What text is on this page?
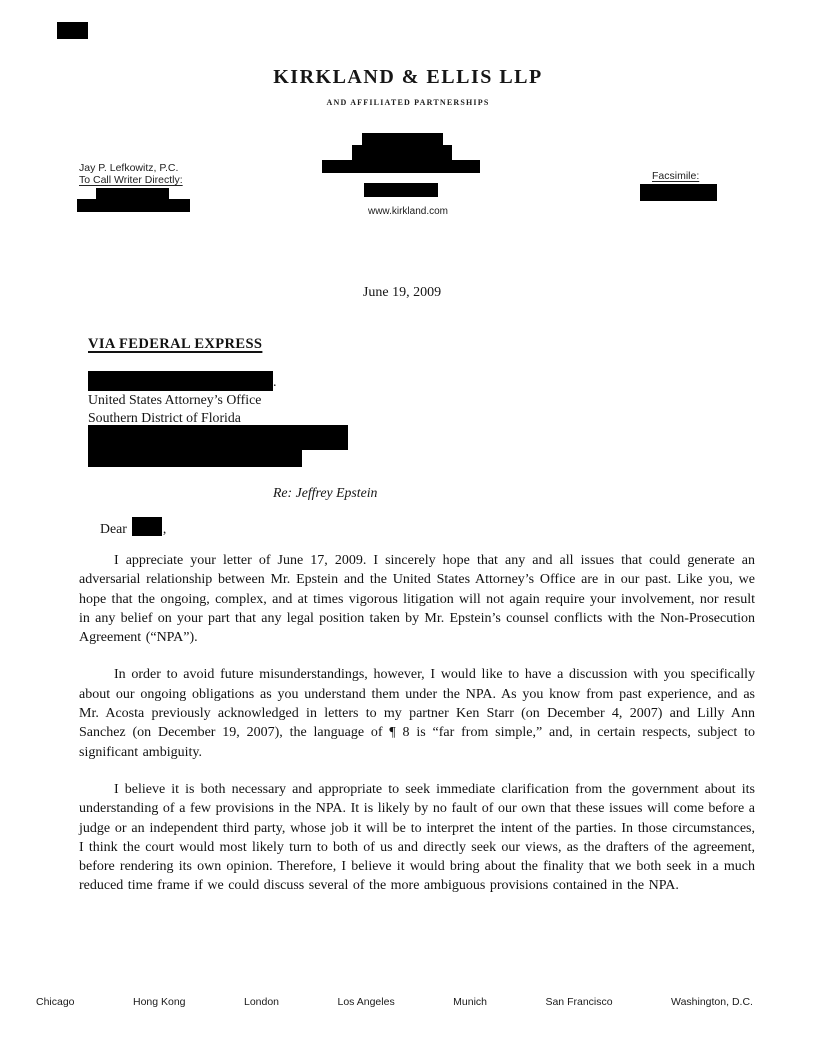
KIRKLAND & ELLIS LLP
AND AFFILIATED PARTNERSHIPS
Jay P. Lefkowitz, P.C.
To Call Writer Directly:
www.kirkland.com
Facsimile:
June 19, 2009
VIA FEDERAL EXPRESS
.
United States Attorney’s Office
Southern District of Florida
Re: Jeffrey Epstein
Dear	,

I appreciate your letter of June 17, 2009. I sincerely hope that any and all issues that could generate an adversarial relationship between Mr. Epstein and the United States Attorney’s Office are in our past. Like you, we hope that the ongoing, complex, and at times vigorous litigation will not again require your involvement, nor result in any belief on your part that any legal position taken by Mr. Epstein’s counsel conflicts with the Non-Prosecution Agreement (“NPA”).

In order to avoid future misunderstandings, however, I would like to have a discussion with you specifically about our ongoing obligations as you understand them under the NPA. As you know from past experience, and as Mr. Acosta previously acknowledged in letters to my partner Ken Starr (on December 4, 2007) and Lilly Ann Sanchez (on December 19, 2007), the language of ¶ 8 is “far from simple,” and, in certain respects, subject to significant ambiguity.

I believe it is both necessary and appropriate to seek immediate clarification from the government about its understanding of a few provisions in the NPA. It is likely by no fault of our own that these issues will come before a judge or an independent third party, whose job it will be to interpret the intent of the parties. In those circumstances, I think the court would most likely turn to both of us and directly seek our views, as the drafters of the agreement, before rendering its own opinion. Therefore, I believe it would bring about the finality that we both seek in a much reduced time frame if we could discuss several of the more ambiguous provisions contained in the NPA.

Chicago	Hong Kong	London	Los Angeles	Munich	San Francisco	Washington, D.C.
